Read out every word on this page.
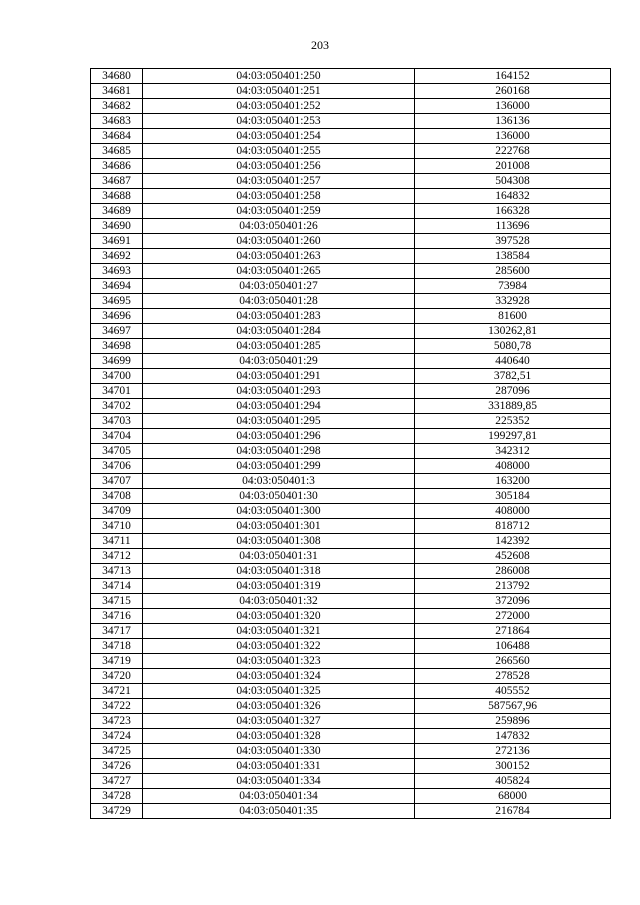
203
34680	04:03:050401:250	164152
34681	04:03:050401:251	260168
34682	04:03:050401:252	136000
34683	04:03:050401:253	136136
34684	04:03:050401:254	136000
34685	04:03:050401:255	222768
34686	04:03:050401:256	201008
34687	04:03:050401:257	504308
34688	04:03:050401:258	164832
34689	04:03:050401:259	166328
34690	04:03:050401:26	113696
34691	04:03:050401:260	397528
34692	04:03:050401:263	138584
34693	04:03:050401:265	285600
34694	04:03:050401:27	73984
34695	04:03:050401:28	332928
34696	04:03:050401:283	81600
34697	04:03:050401:284	130262,81
34698	04:03:050401:285	5080,78
34699	04:03:050401:29	440640
34700	04:03:050401:291	3782,51
34701	04:03:050401:293	287096
34702	04:03:050401:294	331889,85
34703	04:03:050401:295	225352
34704	04:03:050401:296	199297,81
34705	04:03:050401:298	342312
34706	04:03:050401:299	408000
34707	04:03:050401:3	163200
34708	04:03:050401:30	305184
34709	04:03:050401:300	408000
34710	04:03:050401:301	818712
34711	04:03:050401:308	142392
34712	04:03:050401:31	452608
34713	04:03:050401:318	286008
34714	04:03:050401:319	213792
34715	04:03:050401:32	372096
34716	04:03:050401:320	272000
34717	04:03:050401:321	271864
34718	04:03:050401:322	106488
34719	04:03:050401:323	266560
34720	04:03:050401:324	278528
34721	04:03:050401:325	405552
34722	04:03:050401:326	587567,96
34723	04:03:050401:327	259896
34724	04:03:050401:328	147832
34725	04:03:050401:330	272136
34726	04:03:050401:331	300152
34727	04:03:050401:334	405824
34728	04:03:050401:34	68000
34729	04:03:050401:35	216784
